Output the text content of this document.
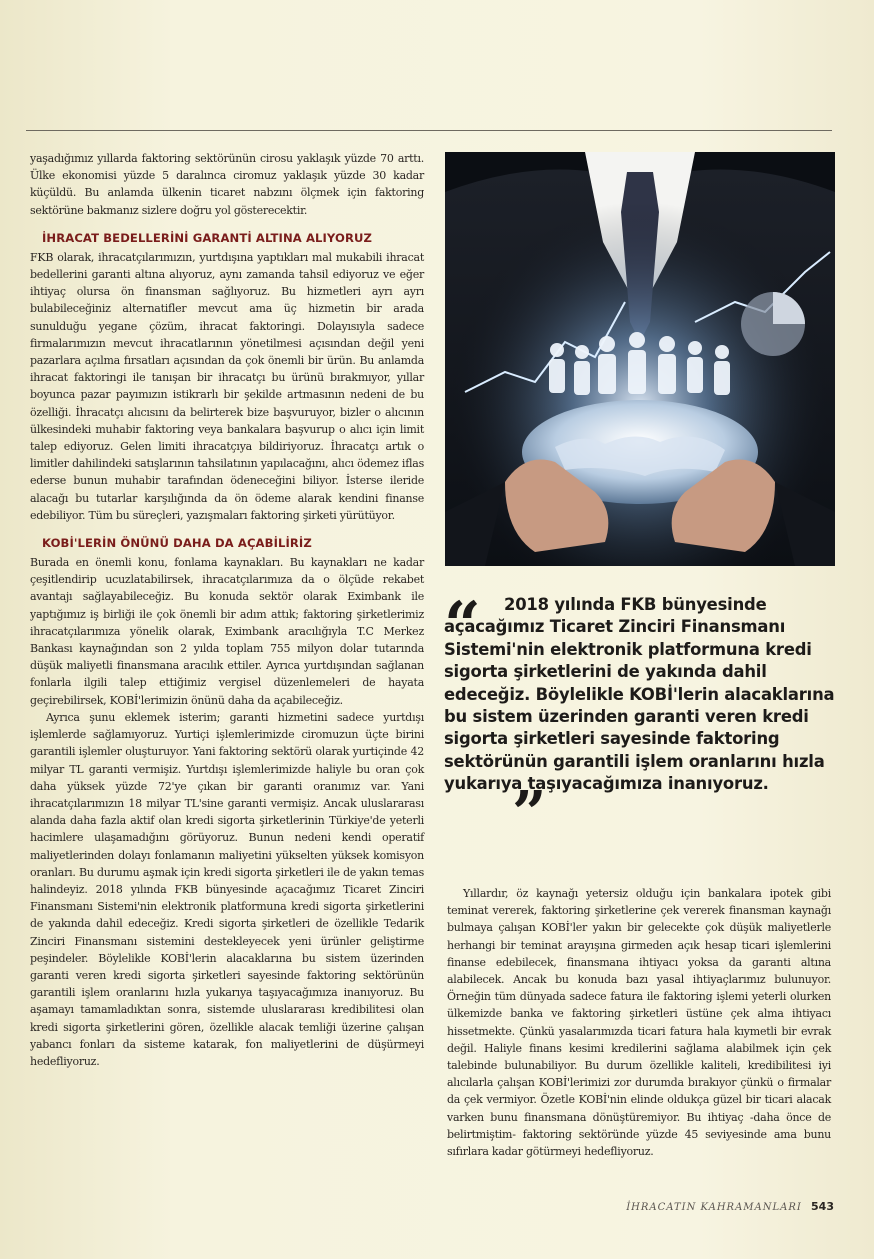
yaşadığımız yıllarda faktoring sektörünün cirosu yaklaşık yüzde 70 arttı. Ülke ekonomisi yüzde 5 daralınca ciromuz yaklaşık yüzde 30 kadar küçüldü. Bu anlamda ülkenin ticaret nabzını ölçmek için faktoring sektörüne bakmanız sizlere doğru yol gösterecektir.

İHRACAT BEDELLERİNİ GARANTİ ALTINA ALIYORUZ

FKB olarak, ihracatçılarımızın, yurtdışına yaptıkları mal mukabili ihracat bedellerini garanti altına alıyoruz, aynı zamanda tahsil ediyoruz ve eğer ihtiyaç olursa ön finansman sağlıyoruz. Bu hizmetleri ayrı ayrı bulabileceğiniz alternatifler mevcut ama üç hizmetin bir arada sunulduğu yegane çözüm, ihracat faktoringi. Dolayısıyla sadece firmalarımızın mevcut ihracatlarının yönetilmesi açısından değil yeni pazarlara açılma fırsatları açısından da çok önemli bir ürün. Bu anlamda ihracat faktoringi ile tanışan bir ihracatçı bu ürünü bırakmıyor, yıllar boyunca pazar payımızın istikrarlı bir şekilde artmasının nedeni de bu özelliği. İhracatçı alıcısını da belirterek bize başvuruyor, bizler o alıcının ülkesindeki muhabir faktoring veya bankalara başvurup o alıcı için limit talep ediyoruz. Gelen limiti ihracatçıya bildiriyoruz. İhracatçı artık o limitler dahilindeki satışlarının tahsilatının yapılacağını, alıcı ödemez iflas ederse bunun muhabir tarafından ödeneceğini biliyor. İsterse ileride alacağı bu tutarlar karşılığında da ön ödeme alarak kendini finanse edebiliyor. Tüm bu süreçleri, yazışmaları faktoring şirketi yürütüyor.

KOBİ'LERİN ÖNÜNÜ DAHA DA AÇABİLİRİZ

Burada en önemli konu, fonlama kaynakları. Bu kaynakları ne kadar çeşitlendirip ucuzlatabilirsek, ihracatçılarımıza da o ölçüde rekabet avantajı sağlayabileceğiz. Bu konuda sektör olarak Eximbank ile yaptığımız iş birliği ile çok önemli bir adım attık; faktoring şirketlerimiz ihracatçılarımıza yönelik olarak, Eximbank aracılığıyla T.C Merkez Bankası kaynağından son 2 yılda toplam 755 milyon dolar tutarında düşük maliyetli finansmana aracılık ettiler. Ayrıca yurtdışından sağlanan fonlarla ilgili talep ettiğimiz vergisel düzenlemeleri de hayata geçirebilirsek, KOBİ'lerimizin önünü daha da açabileceğiz.

Ayrıca şunu eklemek isterim; garanti hizmetini sadece yurtdışı işlemlerde sağlamıyoruz. Yurtiçi işlemlerimizde ciromuzun üçte birini garantili işlemler oluşturuyor. Yani faktoring sektörü olarak yurtiçinde 42 milyar TL garanti vermişiz. Yurtdışı işlemlerimizde haliyle bu oran çok daha yüksek yüzde 72'ye çıkan bir garanti oranımız var. Yani ihracatçılarımızın 18 milyar TL'sine garanti vermişiz. Ancak uluslararası alanda daha fazla aktif olan kredi sigorta şirketlerinin Türkiye'de yeterli hacimlere ulaşamadığını görüyoruz. Bunun nedeni kendi operatif maliyetlerinden dolayı fonlamanın maliyetini yükselten yüksek komisyon oranları. Bu durumu aşmak için kredi sigorta şirketleri ile de yakın temas halindeyiz. 2018 yılında FKB bünyesinde açacağımız Ticaret Zinciri Finansmanı Sistemi'nin elektronik platformuna kredi sigorta şirketlerini de yakında dahil edeceğiz. Kredi sigorta şirketleri de özellikle Tedarik Zinciri Finansmanı sistemini destekleyecek yeni ürünler geliştirme peşindeler. Böylelikle KOBİ'lerin alacaklarına bu sistem üzerinden garanti veren kredi sigorta şirketleri sayesinde faktoring sektörünün garantili işlem oranlarını hızla yukarıya taşıyacağımıza inanıyoruz. Bu aşamayı tamamladıktan sonra, sistemde uluslararası kredibilitesi olan kredi sigorta şirketlerini gören, özellikle alacak temliği üzerine çalışan yabancı fonları da sisteme katarak, fon maliyetlerini de düşürmeyi hedefliyoruz.

“	2018 yılında FKB bünyesinde açacağımız Ticaret Zinciri Finansmanı Sistemi'nin elektronik platformuna kredi sigorta şirketlerini de yakında dahil edeceğiz. Böylelikle KOBİ'lerin alacaklarına bu sistem üzerinden garanti veren kredi sigorta şirketleri sayesinde faktoring sektörünün garantili işlem oranlarını hızla yukarıya taşıyacağımıza inanıyoruz.”

Yıllardır, öz kaynağı yetersiz olduğu için bankalara ipotek gibi teminat vererek, faktoring şirketlerine çek vererek finansman kaynağı bulmaya çalışan KOBİ'ler yakın bir gelecekte çok düşük maliyetlerle herhangi bir teminat arayışına girmeden açık hesap ticari işlemlerini finanse edebilecek, finansmana ihtiyacı yoksa da garanti altına alabilecek. Ancak bu konuda bazı yasal ihtiyaçlarımız bulunuyor. Örneğin tüm dünyada sadece fatura ile faktoring işlemi yeterli olurken ülkemizde banka ve faktoring şirketleri üstüne çek alma ihtiyacı hissetmekte. Çünkü yasalarımızda ticari fatura hala kıymetli bir evrak değil. Haliyle finans kesimi kredilerini sağlama alabilmek için çek talebinde bulunabiliyor. Bu durum özellikle kaliteli, kredibilitesi iyi alıcılarla çalışan KOBİ'lerimizi zor durumda bırakıyor çünkü o firmalar da çek vermiyor. Özetle KOBİ'nin elinde oldukça güzel bir ticari alacak varken bunu finansmana dönüştüremiyor. Bu ihtiyaç -daha önce de belirtmiştim- faktoring sektöründe yüzde 45 seviyesinde ama bunu sıfırlara kadar götürmeyi hedefliyoruz.

İHRACATIN KAHRAMANLARI 543
